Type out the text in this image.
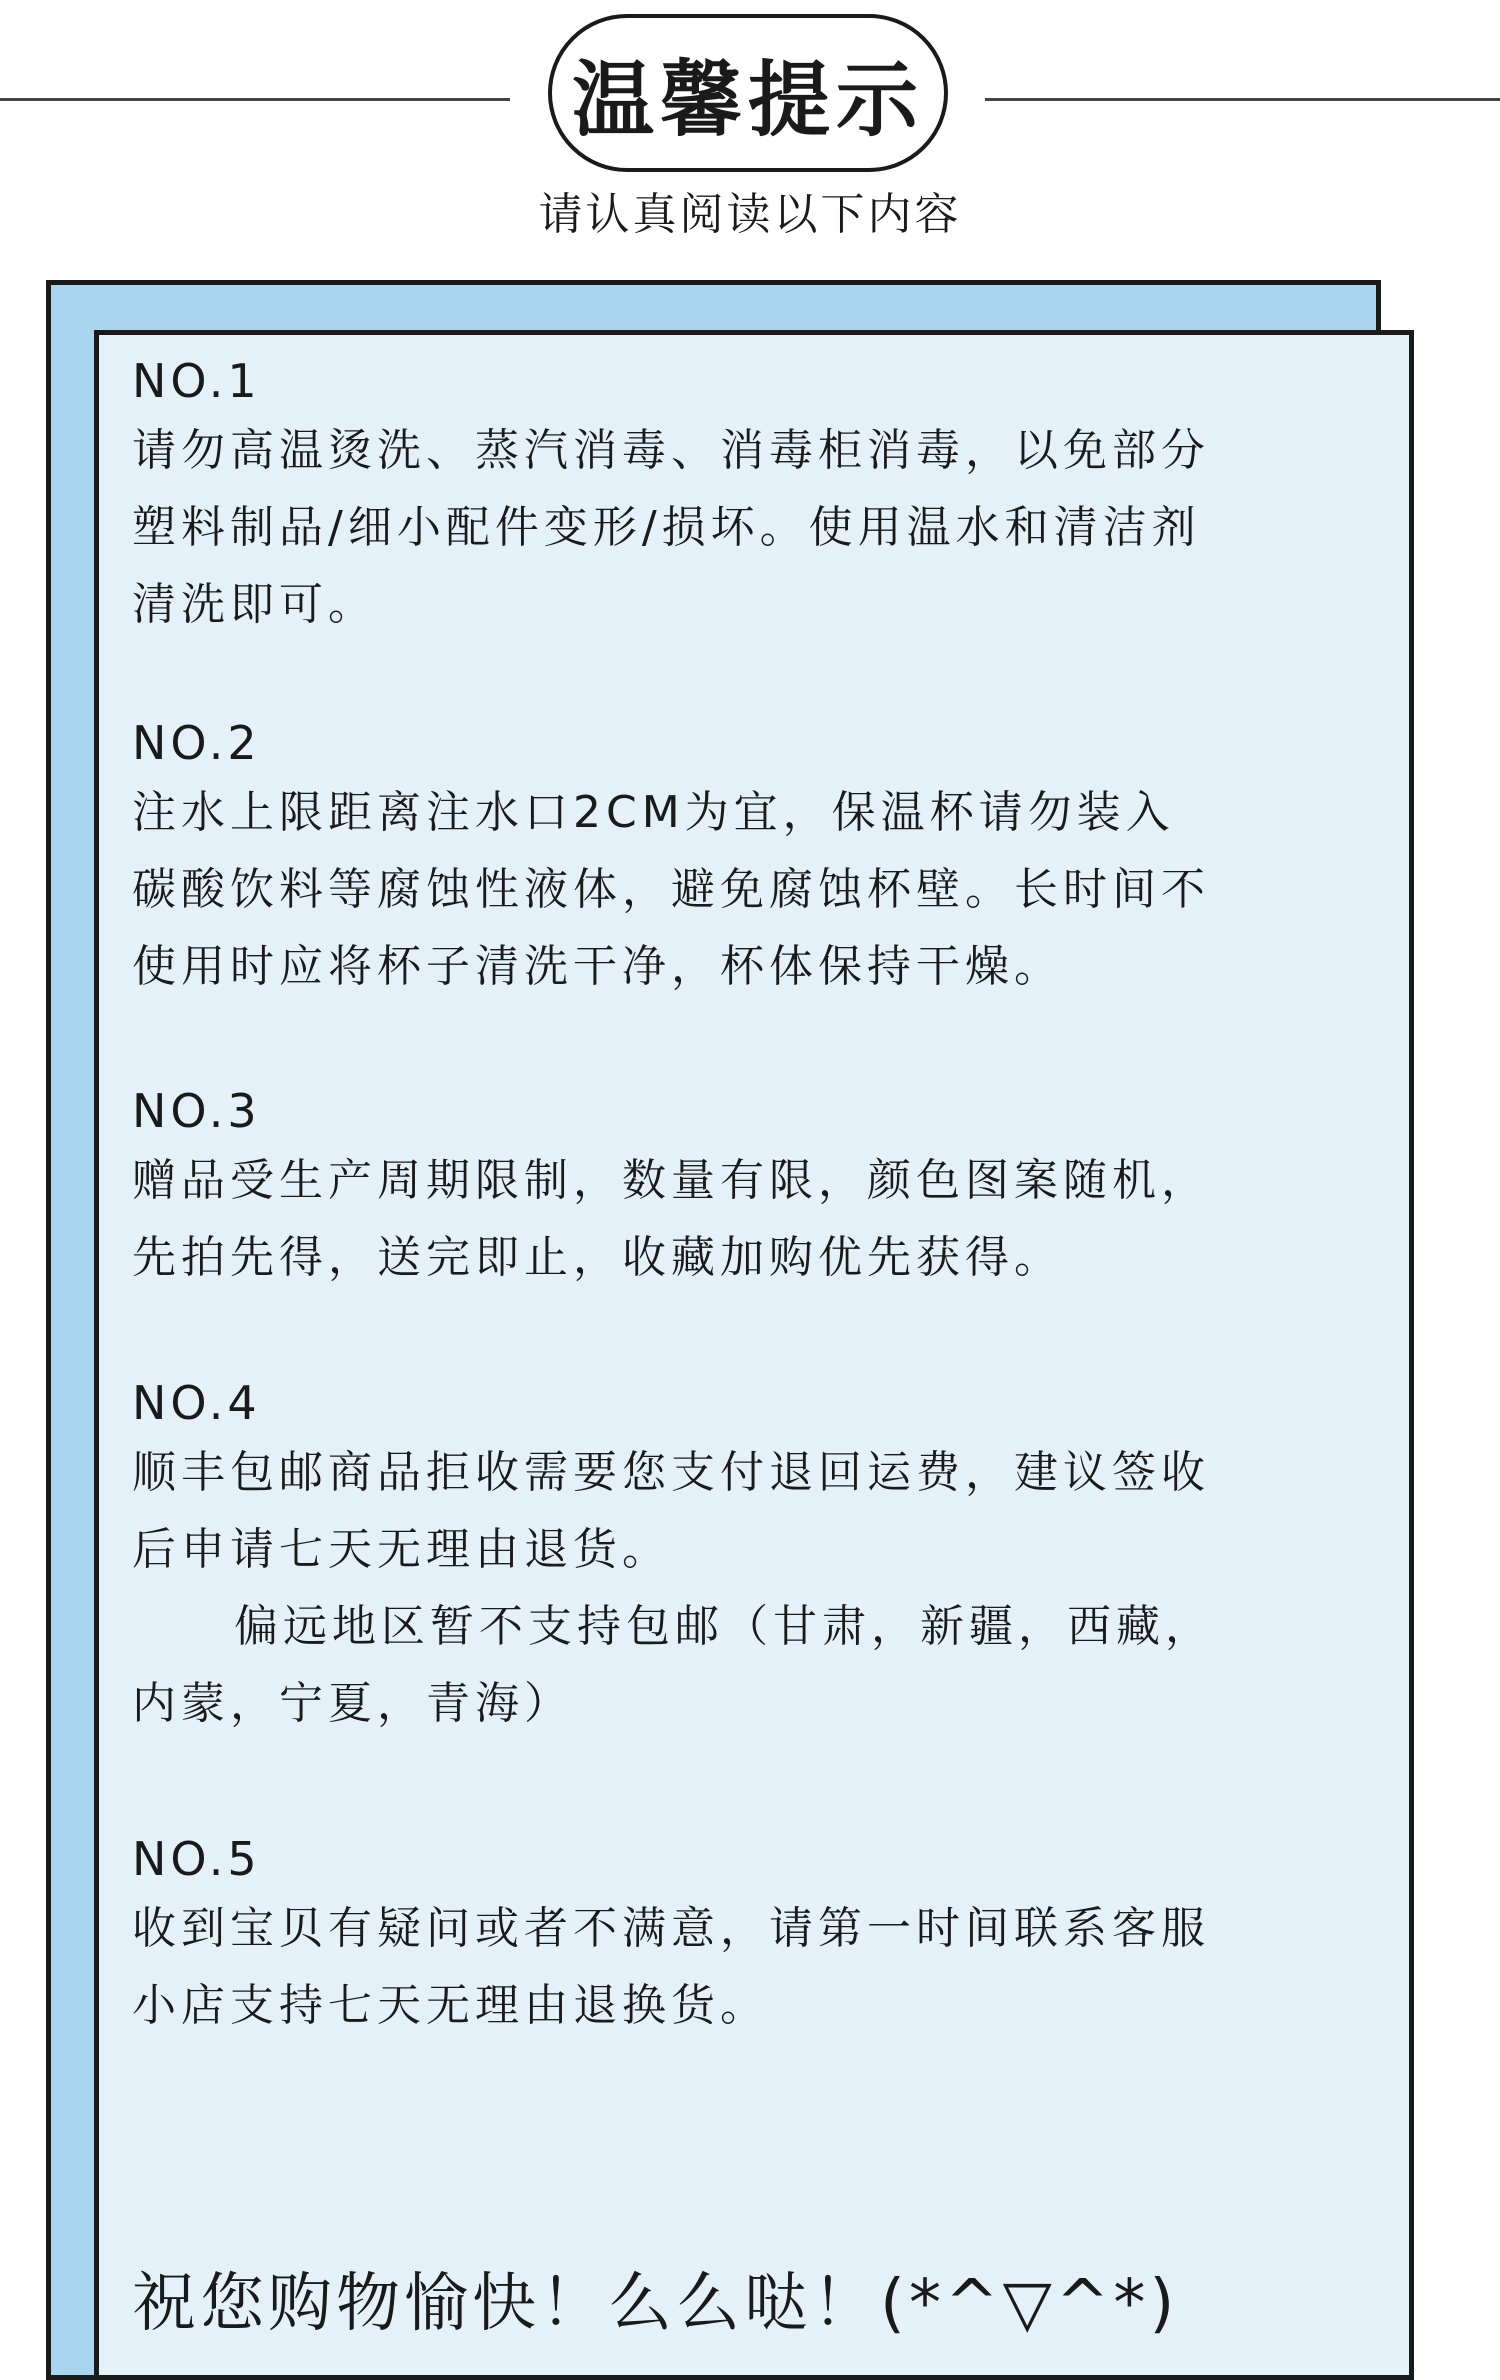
温馨提示
请认真阅读以下内容
NO.1
请勿高温烫洗、蒸汽消毒、消毒柜消毒，以免部分
塑料制品/细小配件变形/损坏。使用温水和清洁剂
清洗即可。
NO.2
注水上限距离注水口2CM为宜，保温杯请勿装入
碳酸饮料等腐蚀性液体，避免腐蚀杯壁。长时间不
使用时应将杯子清洗干净，杯体保持干燥。
NO.3
赠品受生产周期限制，数量有限，颜色图案随机，
先拍先得，送完即止，收藏加购优先获得。
NO.4
顺丰包邮商品拒收需要您支付退回运费，建议签收
后申请七天无理由退货。
偏远地区暂不支持包邮（甘肃，新疆，西藏，
内蒙，宁夏，青海）
NO.5
收到宝贝有疑问或者不满意，请第一时间联系客服
小店支持七天无理由退换货。
祝您购物愉快！么么哒！(*^▽^*)
